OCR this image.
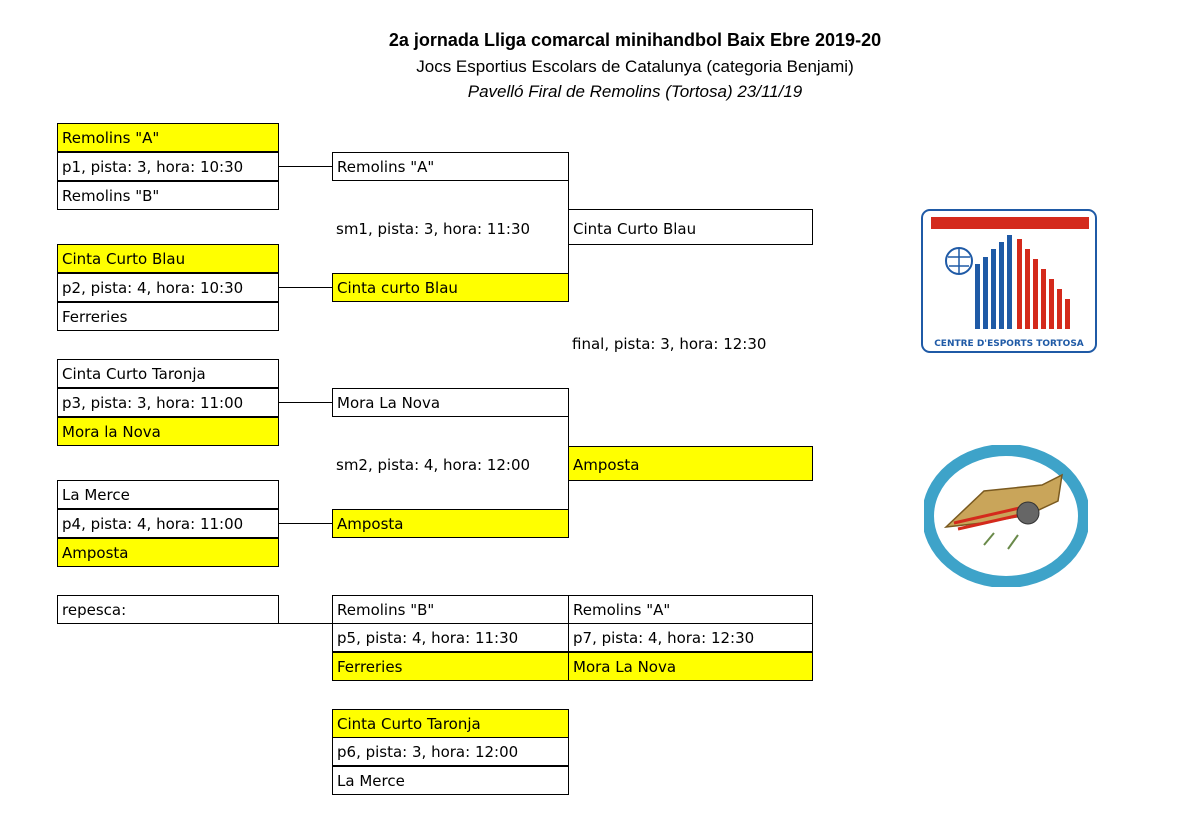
2a jornada Lliga comarcal minihandbol Baix Ebre 2019-20
Jocs Esportius Escolars de Catalunya (categoria Benjami)
Pavelló Firal de Remolins (Tortosa) 23/11/19
Remolins "A"
p1, pista: 3, hora: 10:30
Remolins "B"
Cinta Curto Blau
p2, pista: 4, hora: 10:30
Ferreries
Cinta Curto Taronja
p3, pista: 3, hora: 11:00
Mora la Nova
La Merce
p4, pista: 4, hora: 11:00
Amposta
Remolins "A"
sm1, pista: 3, hora: 11:30
Cinta curto Blau
Mora La Nova
sm2, pista: 4, hora: 12:00
Amposta
Cinta Curto Blau
final, pista: 3, hora: 12:30
Amposta
repesca:	Remolins "B"
p5, pista: 4, hora: 11:30
Ferreries
Remolins "A"
p7, pista: 4, hora: 12:30
Mora La Nova
Cinta Curto Taronja
p6, pista: 3, hora: 12:00
La Merce
CENTRE D'ESPORTS TORTOSA
